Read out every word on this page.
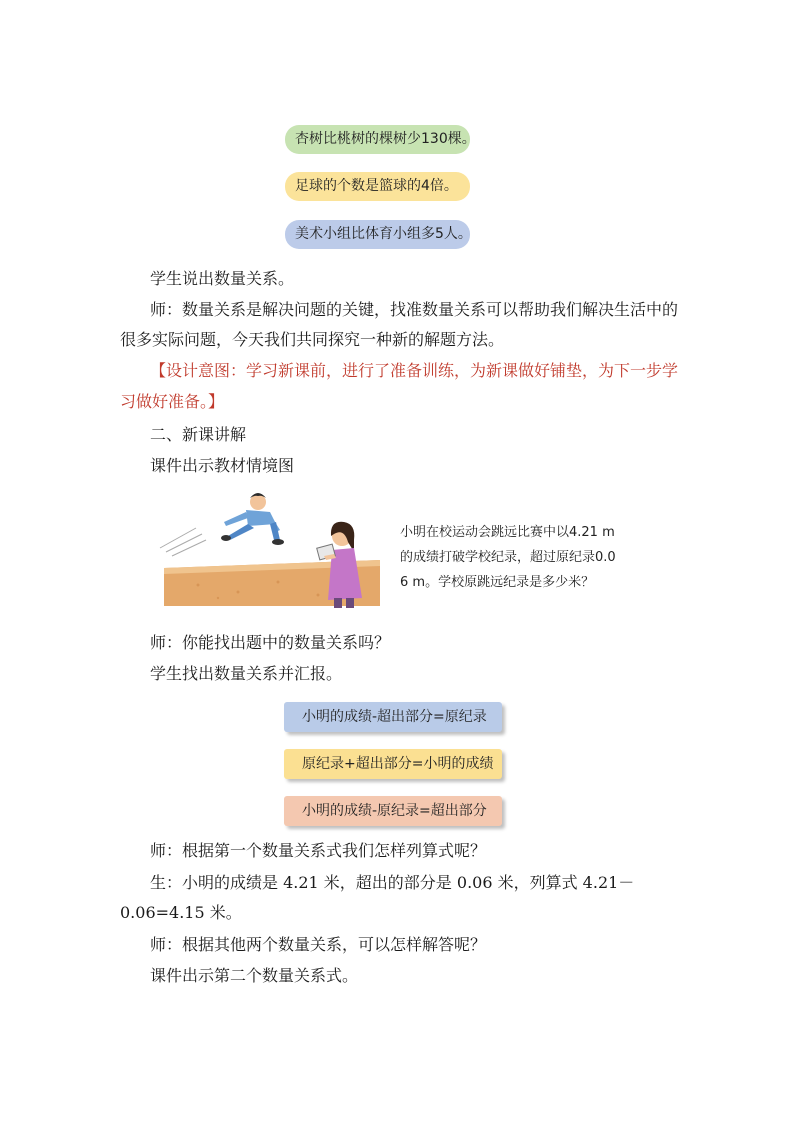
杏树比桃树的棵树少130棵。
足球的个数是篮球的4倍。
美术小组比体育小组多5人。
学生说出数量关系。
师：数量关系是解决问题的关键，找准数量关系可以帮助我们解决生活中的
很多实际问题，今天我们共同探究一种新的解题方法。
【设计意图：学习新课前，进行了准备训练，为新课做好铺垫，为下一步学
习做好准备。】
二、新课讲解
课件出示教材情境图
小明在校运动会跳远比赛中以4.21 m
的成绩打破学校纪录，超过原纪录0.0
6 m。学校原跳远纪录是多少米？
师：你能找出题中的数量关系吗？
学生找出数量关系并汇报。
小明的成绩-超出部分=原纪录
原纪录+超出部分=小明的成绩
小明的成绩-原纪录=超出部分
师：根据第一个数量关系式我们怎样列算式呢？
生：小明的成绩是 4.21 米，超出的部分是 0.06 米，列算式 4.21－
0.06=4.15 米。
师：根据其他两个数量关系，可以怎样解答呢？
课件出示第二个数量关系式。
